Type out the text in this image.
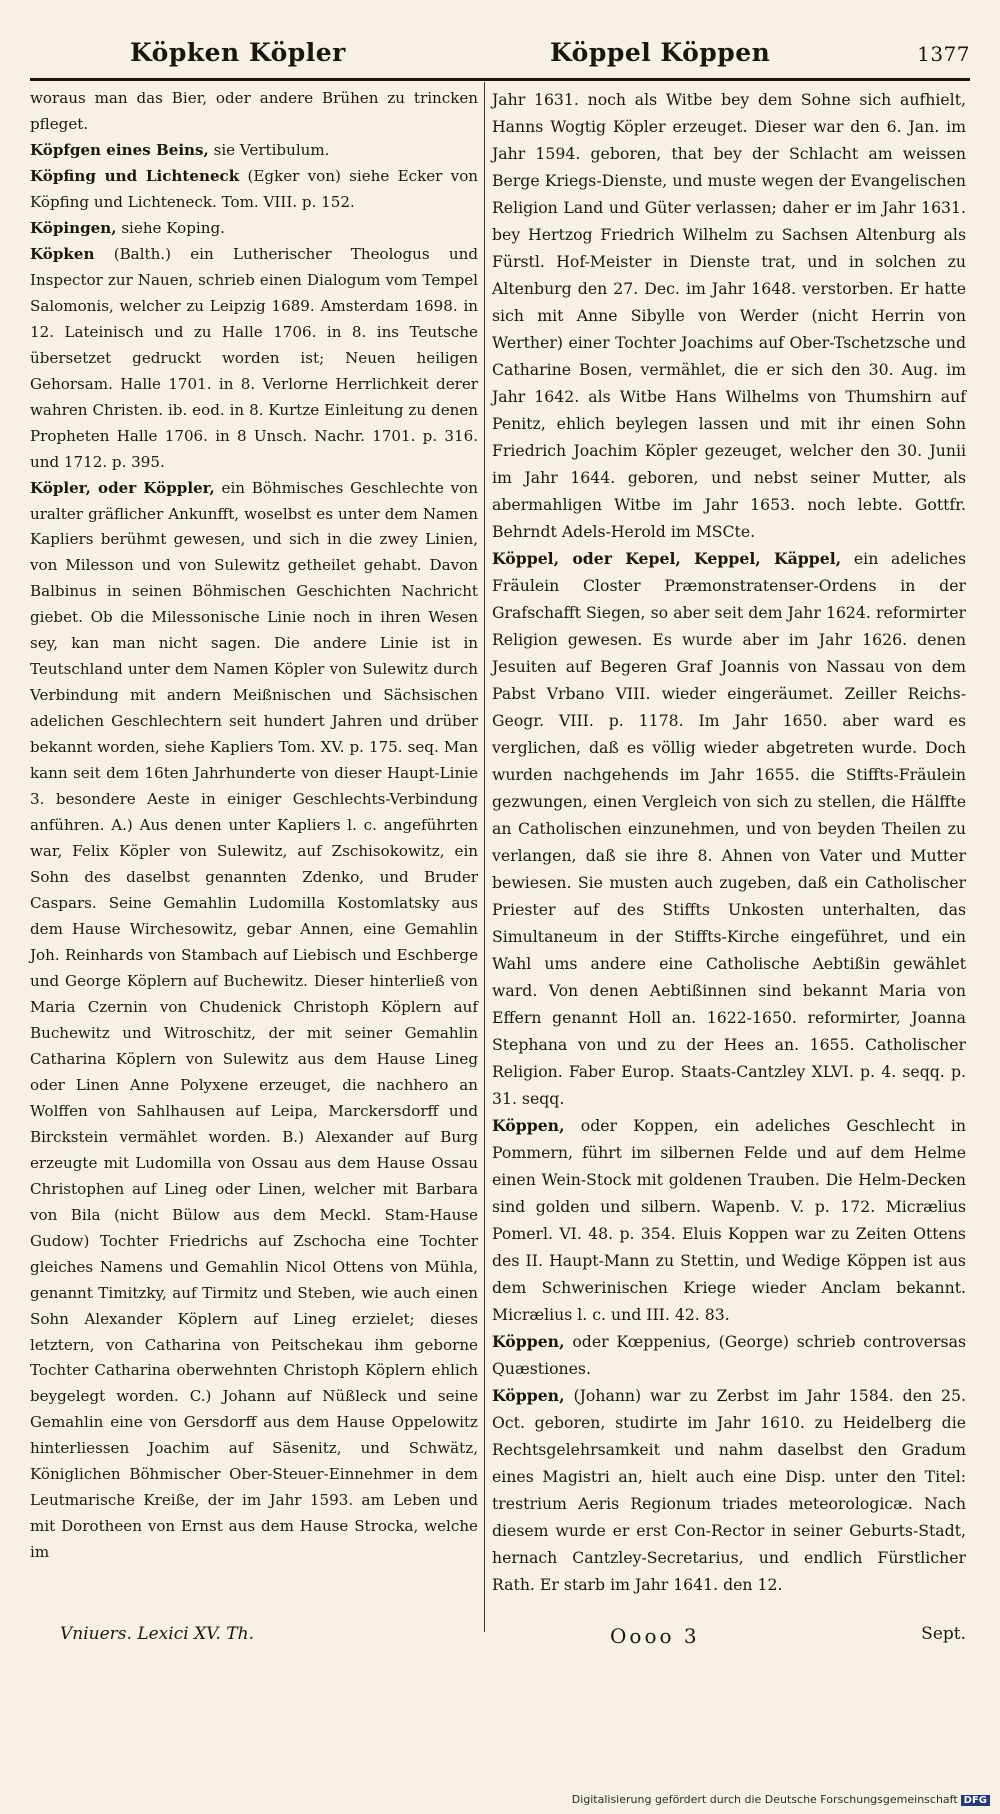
Köpken Köpler	Köppel Köppen	1377

woraus man das Bier, oder andere Brühen zu trincken pfleget.

Köpfgen eines Beins, sie Vertibulum.

Köpfing und Lichteneck (Egker von) siehe Ecker von Köpfing und Lichteneck. Tom. VIII. p. 152.

Köpingen, siehe Koping.

Köpken (Balth.) ein Lutherischer Theologus und Inspector zur Nauen, schrieb einen Dialogum vom Tempel Salomonis, welcher zu Leipzig 1689. Amsterdam 1698. in 12. Lateinisch und zu Halle 1706. in 8. ins Teutsche übersetzet gedruckt worden ist; Neuen heiligen Gehorsam. Halle 1701. in 8. Verlorne Herrlichkeit derer wahren Christen. ib. eod. in 8. Kurtze Einleitung zu denen Propheten Halle 1706. in 8 Unsch. Nachr. 1701. p. 316. und 1712. p. 395.

Köpler, oder Köppler, ein Böhmisches Geschlechte von uralter gräflicher Ankunfft, woselbst es unter dem Namen Kapliers berühmt gewesen, und sich in die zwey Linien, von Milesson und von Sulewitz getheilet gehabt. Davon Balbinus in seinen Böhmischen Geschichten Nachricht giebet. Ob die Milessonische Linie noch in ihren Wesen sey, kan man nicht sagen. Die andere Linie ist in Teutschland unter dem Namen Köpler von Sulewitz durch Verbindung mit andern Meißnischen und Sächsischen adelichen Geschlechtern seit hundert Jahren und drüber bekannt worden, siehe Kapliers Tom. XV. p. 175. seq. Man kann seit dem 16ten Jahrhunderte von dieser Haupt-Linie 3. besondere Aeste in einiger Geschlechts-Verbindung anführen. A.) Aus denen unter Kapliers l. c. angeführten war, Felix Köpler von Sulewitz, auf Zschisokowitz, ein Sohn des daselbst genannten Zdenko, und Bruder Caspars. Seine Gemahlin Ludomilla Kostomlatsky aus dem Hause Wirchesowitz, gebar Annen, eine Gemahlin Joh. Reinhards von Stambach auf Liebisch und Eschberge und George Köplern auf Buchewitz. Dieser hinterließ von Maria Czernin von Chudenick Christoph Köplern auf Buchewitz und Witroschitz, der mit seiner Gemahlin Catharina Köplern von Sulewitz aus dem Hause Lineg oder Linen Anne Polyxene erzeuget, die nachhero an Wolffen von Sahlhausen auf Leipa, Marckersdorff und Birckstein vermählet worden. B.) Alexander auf Burg erzeugte mit Ludomilla von Ossau aus dem Hause Ossau Christophen auf Lineg oder Linen, welcher mit Barbara von Bila (nicht Bülow aus dem Meckl. Stam-Hause Gudow) Tochter Friedrichs auf Zschocha eine Tochter gleiches Namens und Gemahlin Nicol Ottens von Mühla, genannt Timitzky, auf Tirmitz und Steben, wie auch einen Sohn Alexander Köplern auf Lineg erzielet; dieses letztern, von Catharina von Peitschekau ihm geborne Tochter Catharina oberwehnten Christoph Köplern ehlich beygelegt worden. C.) Johann auf Nüßleck und seine Gemahlin eine von Gersdorff aus dem Hause Oppelowitz hinterliessen Joachim auf Säsenitz, und Schwätz, Königlichen Böhmischer Ober-Steuer-Einnehmer in dem Leutmarische Kreiße, der im Jahr 1593. am Leben und mit Dorotheen von Ernst aus dem Hause Strocka, welche im

Jahr 1631. noch als Witbe bey dem Sohne sich aufhielt, Hanns Wogtig Köpler erzeuget. Dieser war den 6. Jan. im Jahr 1594. geboren, that bey der Schlacht am weissen Berge Kriegs-Dienste, und muste wegen der Evangelischen Religion Land und Güter verlassen; daher er im Jahr 1631. bey Hertzog Friedrich Wilhelm zu Sachsen Altenburg als Fürstl. Hof-Meister in Dienste trat, und in solchen zu Altenburg den 27. Dec. im Jahr 1648. verstorben. Er hatte sich mit Anne Sibylle von Werder (nicht Herrin von Werther) einer Tochter Joachims auf Ober-Tschetzsche und Catharine Bosen, vermählet, die er sich den 30. Aug. im Jahr 1642. als Witbe Hans Wilhelms von Thumshirn auf Penitz, ehlich beylegen lassen und mit ihr einen Sohn Friedrich Joachim Köpler gezeuget, welcher den 30. Junii im Jahr 1644. geboren, und nebst seiner Mutter, als abermahligen Witbe im Jahr 1653. noch lebte. Gottfr. Behrndt Adels-Herold im MSCte.

Köppel, oder Kepel, Keppel, Käppel, ein adeliches Fräulein Closter Præmonstratenser-Ordens in der Grafschafft Siegen, so aber seit dem Jahr 1624. reformirter Religion gewesen. Es wurde aber im Jahr 1626. denen Jesuiten auf Begeren Graf Joannis von Nassau von dem Pabst Vrbano VIII. wieder eingeräumet. Zeiller Reichs-Geogr. VIII. p. 1178. Im Jahr 1650. aber ward es verglichen, daß es völlig wieder abgetreten wurde. Doch wurden nachgehends im Jahr 1655. die Stiffts-Fräulein gezwungen, einen Vergleich von sich zu stellen, die Hälffte an Catholischen einzunehmen, und von beyden Theilen zu verlangen, daß sie ihre 8. Ahnen von Vater und Mutter bewiesen. Sie musten auch zugeben, daß ein Catholischer Priester auf des Stiffts Unkosten unterhalten, das Simultaneum in der Stiffts-Kirche eingeführet, und ein Wahl ums andere eine Catholische Aebtißin gewählet ward. Von denen Aebtißinnen sind bekannt Maria von Effern genannt Holl an. 1622-1650. reformirter, Joanna Stephana von und zu der Hees an. 1655. Catholischer Religion. Faber Europ. Staats-Cantzley XLVI. p. 4. seqq. p. 31. seqq.

Köppen, oder Koppen, ein adeliches Geschlecht in Pommern, führt im silbernen Felde und auf dem Helme einen Wein-Stock mit goldenen Trauben. Die Helm-Decken sind golden und silbern. Wapenb. V. p. 172. Micrælius Pomerl. VI. 48. p. 354. Eluis Koppen war zu Zeiten Ottens des II. Haupt-Mann zu Stettin, und Wedige Köppen ist aus dem Schwerinischen Kriege wieder Anclam bekannt. Micrælius l. c. und III. 42. 83.

Köppen, oder Kœppenius, (George) schrieb controversas Quæstiones.

Köppen, (Johann) war zu Zerbst im Jahr 1584. den 25. Oct. geboren, studirte im Jahr 1610. zu Heidelberg die Rechtsgelehrsamkeit und nahm daselbst den Gradum eines Magistri an, hielt auch eine Disp. unter den Titel: trestrium Aeris Regionum triades meteorologicæ. Nach diesem wurde er erst Con-Rector in seiner Geburts-Stadt, hernach Cantzley-Secretarius, und endlich Fürstlicher Rath. Er starb im Jahr 1641. den 12.

Vniuers. Lexici XV. Th.	Oooo 3	Sept.
Digitalisierung gefördert durch die Deutsche Forschungsgemeinschaft DFG
